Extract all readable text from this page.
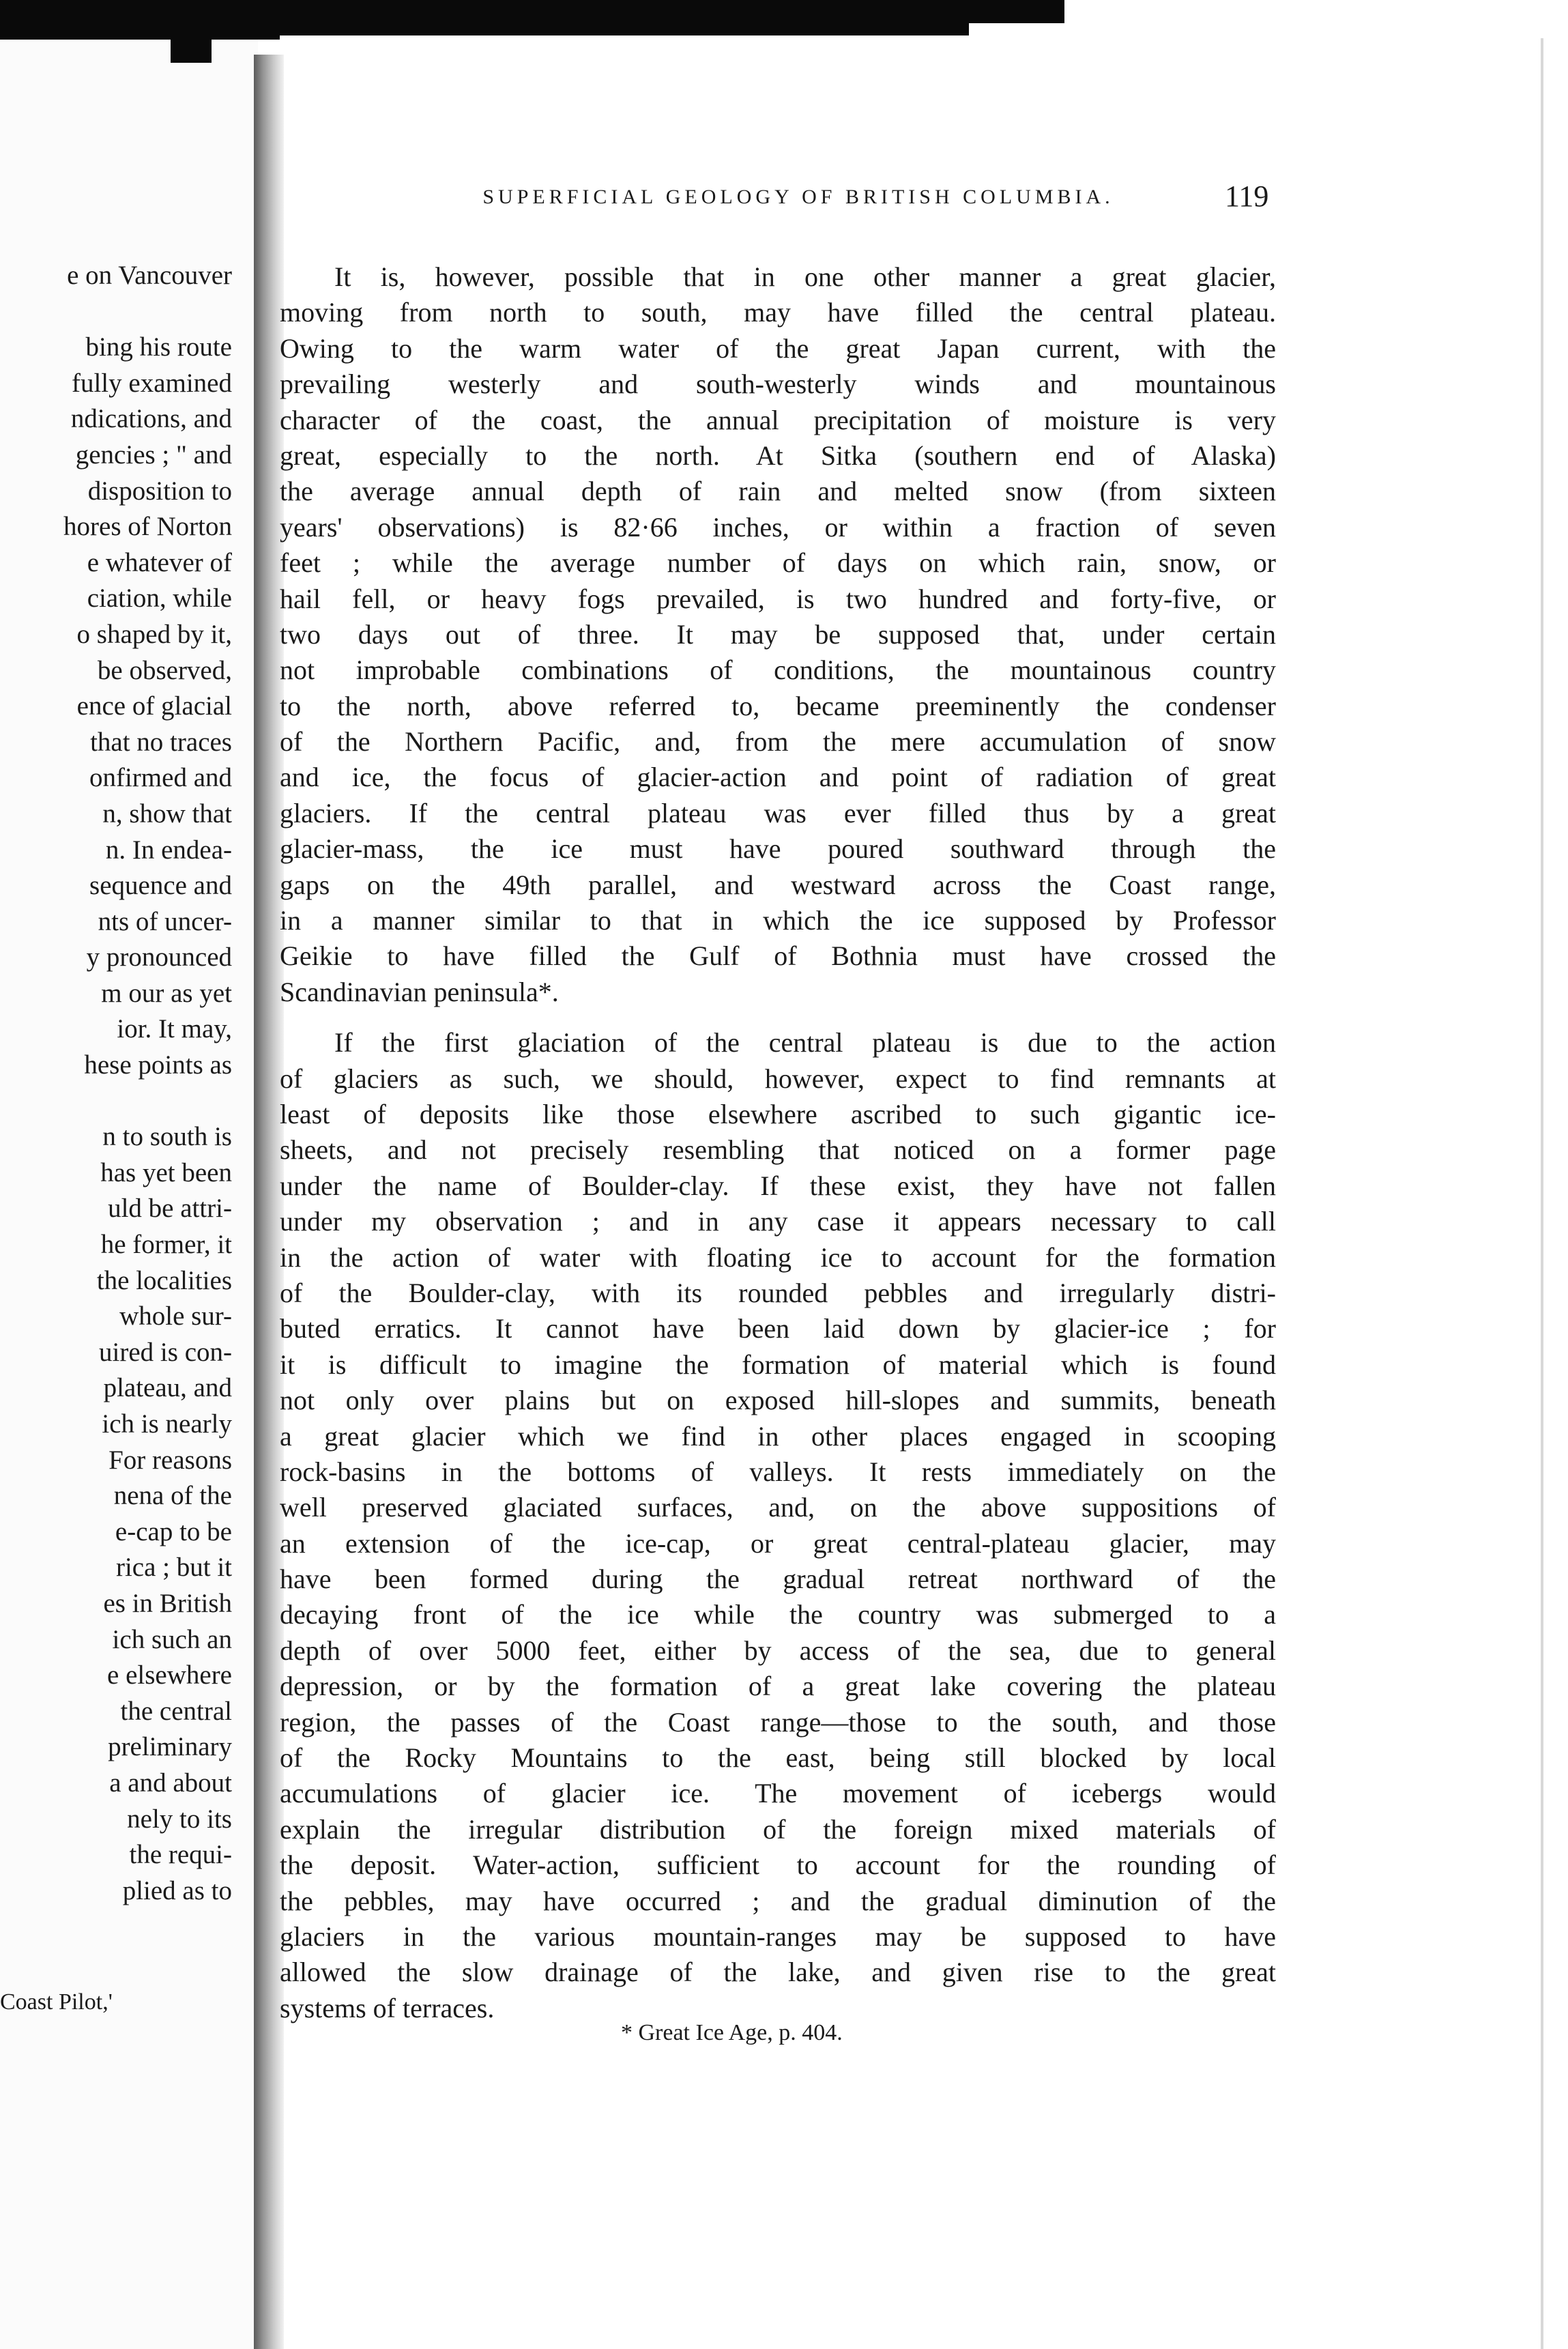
e on Vancouver
bing his route
fully examined
ndications, and
gencies ; " and
disposition to
hores of Norton
e whatever of
ciation, while
o shaped by it,
be observed,
ence of glacial
that no traces
onfirmed and
n, show that
n. In endea-
sequence and
nts of uncer-
y pronounced
m our as yet
ior. It may,
hese points as
n to south is
has yet been
uld be attri-
he former, it
the localities
whole sur-
uired is con-
plateau, and
ich is nearly
For reasons
nena of the
e-cap to be
rica ; but it
es in British
ich such an
e elsewhere
the central
preliminary
a and about
nely to its
the requi-
plied as to
Coast Pilot,'
SUPERFICIAL GEOLOGY OF BRITISH COLUMBIA.	119
It is, however, possible that in one other manner a great glacier,
moving from north to south, may have filled the central plateau.
Owing to the warm water of the great Japan current, with the
prevailing westerly and south-westerly winds and mountainous
character of the coast, the annual precipitation of moisture is very
great, especially to the north. At Sitka (southern end of Alaska)
the average annual depth of rain and melted snow (from sixteen
years' observations) is 82·66 inches, or within a fraction of seven
feet ; while the average number of days on which rain, snow, or
hail fell, or heavy fogs prevailed, is two hundred and forty-five, or
two days out of three. It may be supposed that, under certain
not improbable combinations of conditions, the mountainous country
to the north, above referred to, became preeminently the condenser
of the Northern Pacific, and, from the mere accumulation of snow
and ice, the focus of glacier-action and point of radiation of great
glaciers. If the central plateau was ever filled thus by a great
glacier-mass, the ice must have poured southward through the
gaps on the 49th parallel, and westward across the Coast range,
in a manner similar to that in which the ice supposed by Professor
Geikie to have filled the Gulf of Bothnia must have crossed the
Scandinavian peninsula*.
If the first glaciation of the central plateau is due to the action
of glaciers as such, we should, however, expect to find remnants at
least of deposits like those elsewhere ascribed to such gigantic ice-
sheets, and not precisely resembling that noticed on a former page
under the name of Boulder-clay. If these exist, they have not fallen
under my observation ; and in any case it appears necessary to call
in the action of water with floating ice to account for the formation
of the Boulder-clay, with its rounded pebbles and irregularly distri-
buted erratics. It cannot have been laid down by glacier-ice ; for
it is difficult to imagine the formation of material which is found
not only over plains but on exposed hill-slopes and summits, beneath
a great glacier which we find in other places engaged in scooping
rock-basins in the bottoms of valleys. It rests immediately on the
well preserved glaciated surfaces, and, on the above suppositions of
an extension of the ice-cap, or great central-plateau glacier, may
have been formed during the gradual retreat northward of the
decaying front of the ice while the country was submerged to a
depth of over 5000 feet, either by access of the sea, due to general
depression, or by the formation of a great lake covering the plateau
region, the passes of the Coast range—those to the south, and those
of the Rocky Mountains to the east, being still blocked by local
accumulations of glacier ice. The movement of icebergs would
explain the irregular distribution of the foreign mixed materials of
the deposit. Water-action, sufficient to account for the rounding of
the pebbles, may have occurred ; and the gradual diminution of the
glaciers in the various mountain-ranges may be supposed to have
allowed the slow drainage of the lake, and given rise to the great
systems of terraces.
* Great Ice Age, p. 404.
